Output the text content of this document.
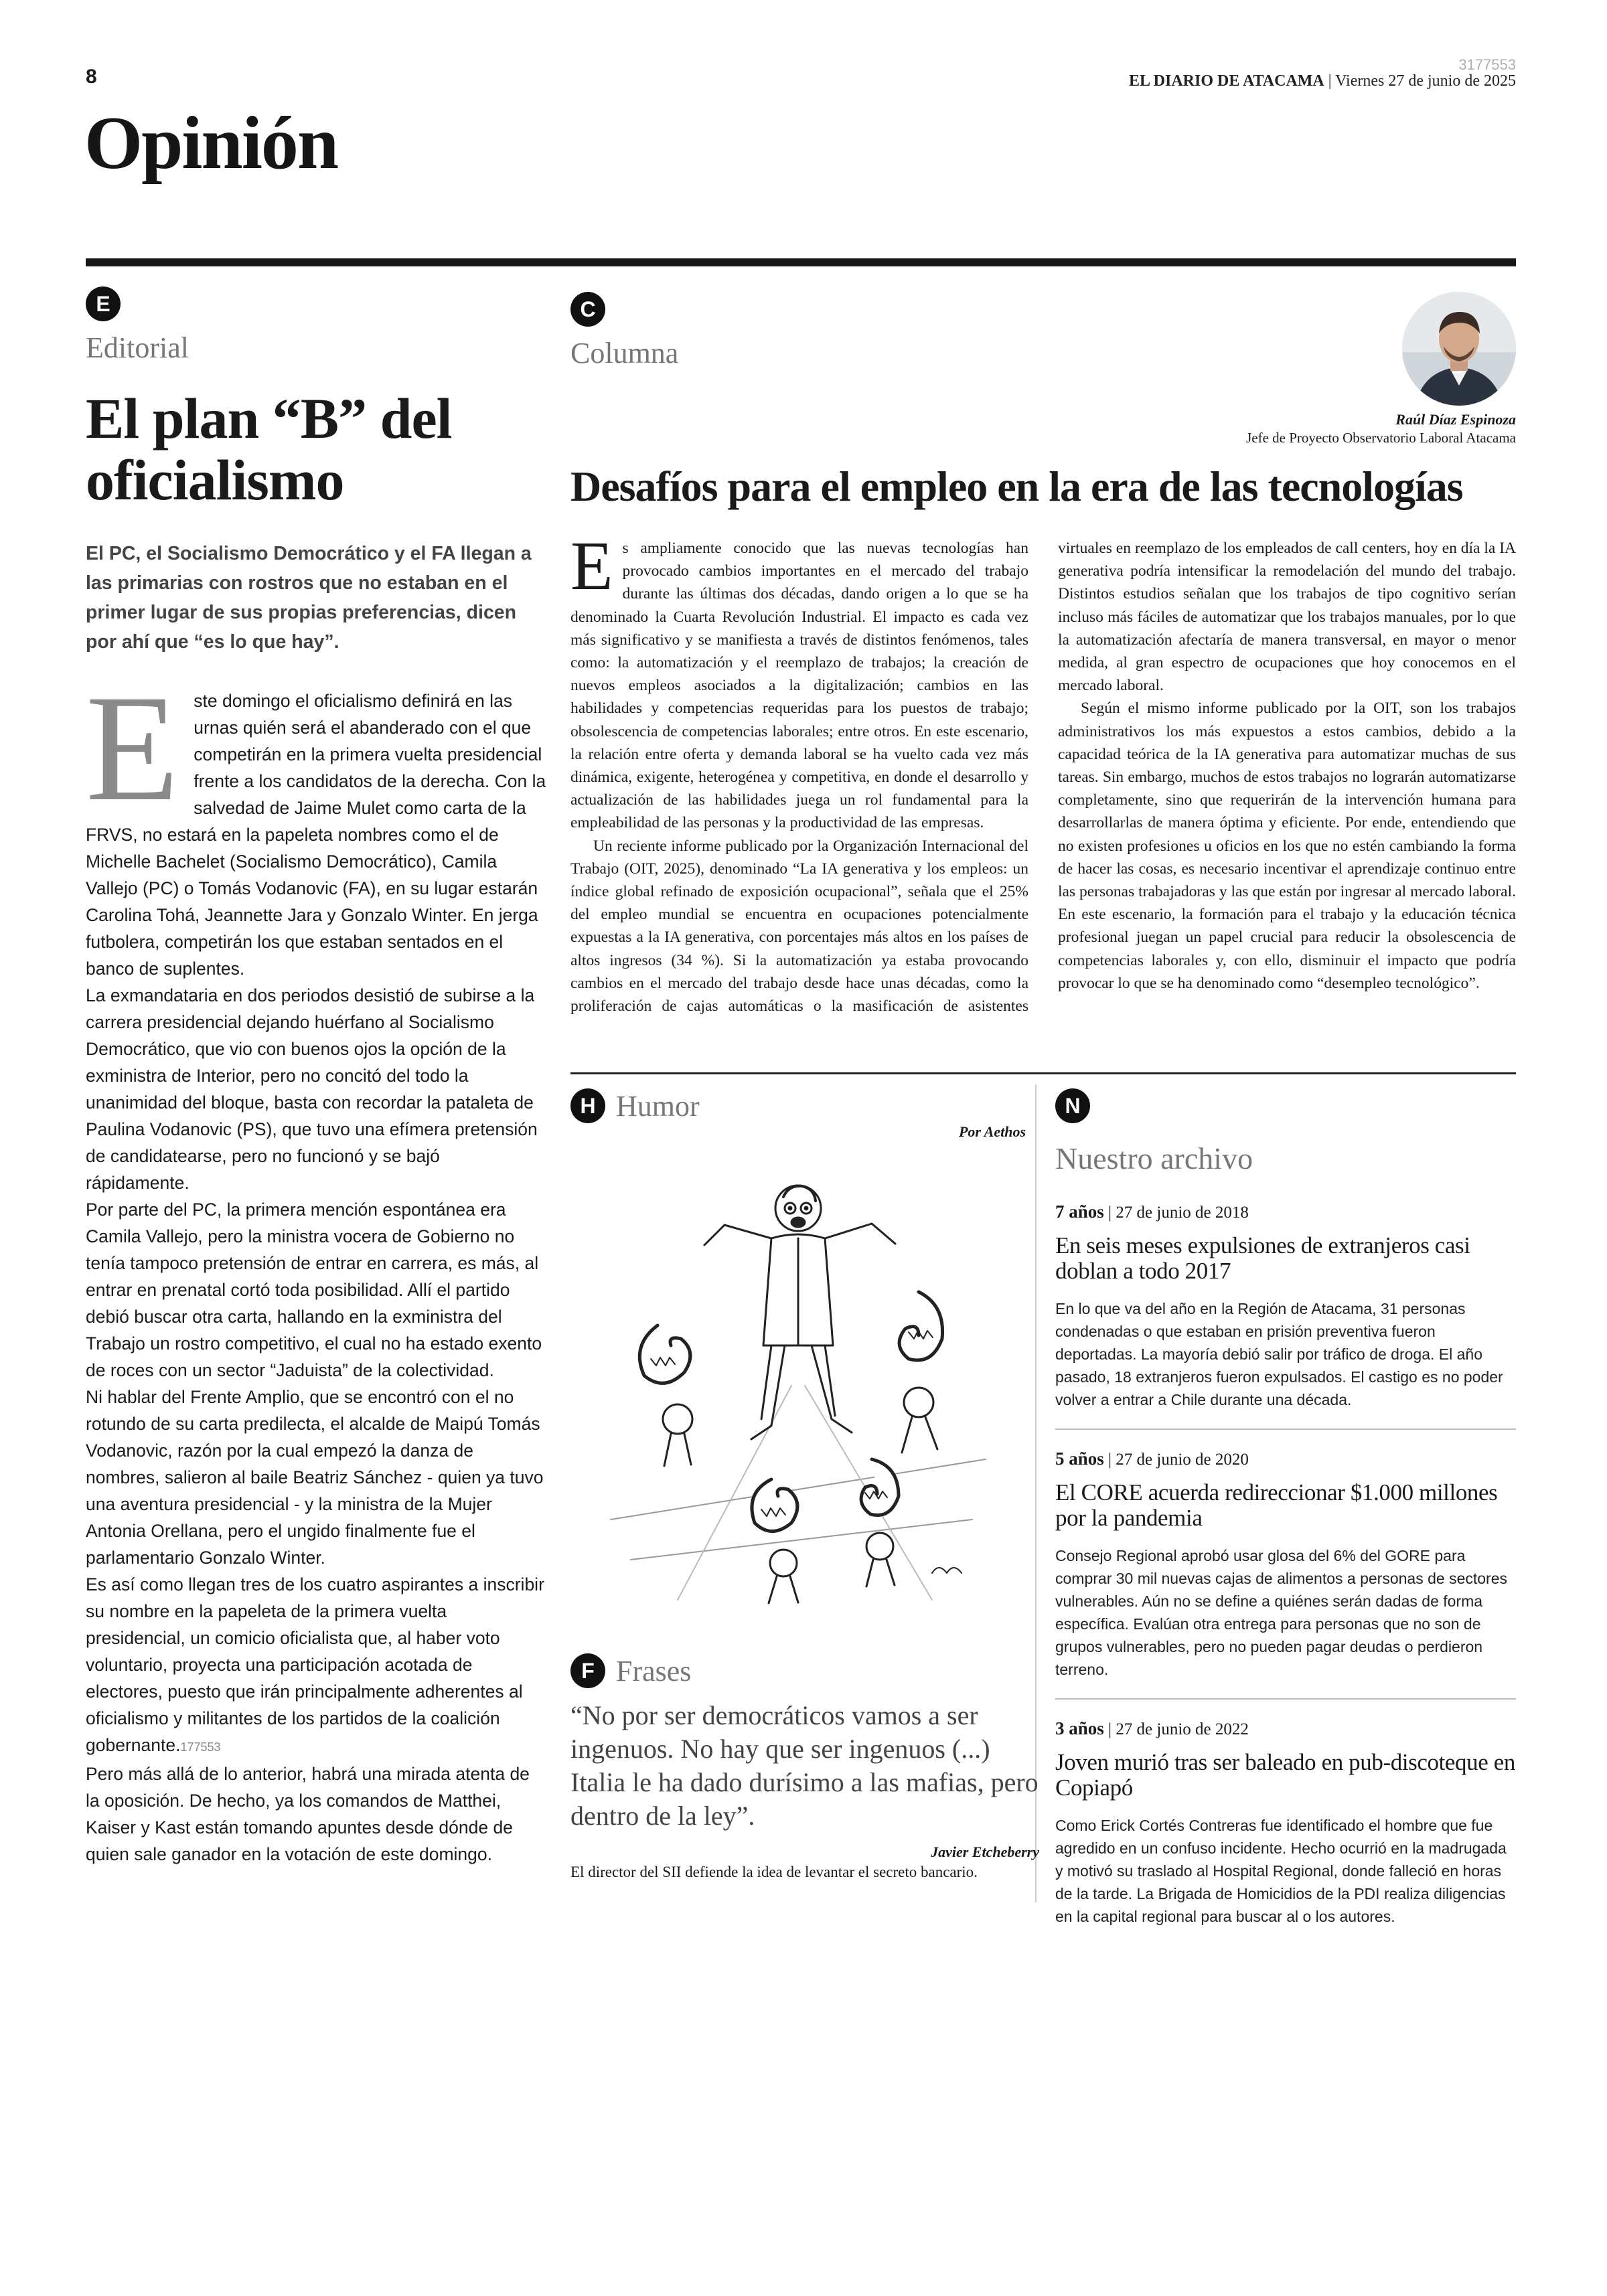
8
3177553
EL DIARIO DE ATACAMA | Viernes 27 de junio de 2025
Opinión
E
Editorial
El plan “B” del
oficialismo
El PC, el Socialismo Democrático y el FA llegan a las primarias con rostros que no estaban en el primer lugar de sus propias preferencias, dicen por ahí que “es lo que hay”.

Este domingo el oficialismo definirá en las urnas quién será el abanderado con el que competirán en la primera vuelta presidencial frente a los candidatos de la derecha. Con la salvedad de Jaime Mulet como carta de la FRVS, no estará en la papeleta nombres como el de Michelle Bachelet (Socialismo Democrático), Camila Vallejo (PC) o Tomás Vodanovic (FA), en su lugar estarán Carolina Tohá, Jeannette Jara y Gonzalo Winter. En jerga futbolera, competirán los que estaban sentados en el banco de suplentes.

La exmandataria en dos periodos desistió de subirse a la carrera presidencial dejando huérfano al Socialismo Democrático, que vio con buenos ojos la opción de la exministra de Interior, pero no concitó del todo la unanimidad del bloque, basta con recordar la pataleta de Paulina Vodanovic (PS), que tuvo una efímera pretensión de candidatearse, pero no funcionó y se bajó rápidamente.

Por parte del PC, la primera mención espontánea era Camila Vallejo, pero la ministra vocera de Gobierno no tenía tampoco pretensión de entrar en carrera, es más, al entrar en prenatal cortó toda posibilidad. Allí el partido debió buscar otra carta, hallando en la exministra del Trabajo un rostro competitivo, el cual no ha estado exento de roces con un sector “Jaduista” de la colectividad.

Ni hablar del Frente Amplio, que se encontró con el no rotundo de su carta predilecta, el alcalde de Maipú Tomás Vodanovic, razón por la cual empezó la danza de nombres, salieron al baile Beatriz Sánchez - quien ya tuvo una aventura presidencial - y la ministra de la Mujer Antonia Orellana, pero el ungido finalmente fue el parlamentario Gonzalo Winter.

Es así como llegan tres de los cuatro aspirantes a inscribir su nombre en la papeleta de la primera vuelta presidencial, un comicio oficialista que, al haber voto voluntario, proyecta una participación acotada de electores, puesto que irán principalmente adherentes al oficialismo y militantes de los partidos de la coalición gobernante.177553

Pero más allá de lo anterior, habrá una mirada atenta de la oposición. De hecho, ya los comandos de Matthei, Kaiser y Kast están tomando apuntes desde dónde de quien sale ganador en la votación de este domingo.

C
Columna
Raúl Díaz Espinoza
Jefe de Proyecto Observatorio Laboral Atacama
Desafíos para el empleo en la era de las tecnologías

Es ampliamente conocido que las nuevas tecnologías han provocado cambios importantes en el mercado del trabajo durante las últimas dos décadas, dando origen a lo que se ha denominado la Cuarta Revolución Industrial. El impacto es cada vez más significativo y se manifiesta a través de distintos fenómenos, tales como: la automatización y el reemplazo de trabajos; la creación de nuevos empleos asociados a la digitalización; cambios en las habilidades y competencias requeridas para los puestos de trabajo; obsolescencia de competencias laborales; entre otros. En este escenario, la relación entre oferta y demanda laboral se ha vuelto cada vez más dinámica, exigente, heterogénea y competitiva, en donde el desarrollo y actualización de las habilidades juega un rol fundamental para la empleabilidad de las personas y la productividad de las empresas.

Un reciente informe publicado por la Organización Internacional del Trabajo (OIT, 2025), denominado “La IA generativa y los empleos: un índice global refinado de exposición ocupacional”, señala que el 25% del empleo mundial se encuentra en ocupaciones potencialmente expuestas a la IA generativa, con porcentajes más altos en los países de altos ingresos (34 %). Si la automatización ya estaba provocando cambios en el mercado del trabajo desde hace unas décadas, como la proliferación de cajas automáticas o la masificación de asistentes virtuales en reemplazo de los empleados de call centers, hoy en día la IA generativa podría intensificar la remodelación del mundo del trabajo. Distintos estudios señalan que los trabajos de tipo cognitivo serían incluso más fáciles de automatizar que los trabajos manuales, por lo que la automatización afectaría de manera transversal, en mayor o menor medida, al gran espectro de ocupaciones que hoy conocemos en el mercado laboral.

Según el mismo informe publicado por la OIT, son los trabajos administrativos los más expuestos a estos cambios, debido a la capacidad teórica de la IA generativa para automatizar muchas de sus tareas. Sin embargo, muchos de estos trabajos no lograrán automatizarse completamente, sino que requerirán de la intervención humana para desarrollarlas de manera óptima y eficiente. Por ende, entendiendo que no existen profesiones u oficios en los que no estén cambiando la forma de hacer las cosas, es necesario incentivar el aprendizaje continuo entre las personas trabajadoras y las que están por ingresar al mercado laboral. En este escenario, la formación para el trabajo y la educación técnica profesional juegan un papel crucial para reducir la obsolescencia de competencias laborales y, con ello, disminuir el impacto que podría provocar lo que se ha denominado como “desempleo tecnológico”.

H Humor
Por Aethos
F Frases
“No por ser democráticos vamos a ser ingenuos. No hay que ser ingenuos (...) Italia le ha dado durísimo a las mafias, pero dentro de la ley”.
Javier Etcheberry
El director del SII defiende la idea de levantar el secreto bancario.
N
Nuestro archivo
7 años | 27 de junio de 2018
En seis meses expulsiones de extranjeros casi doblan a todo 2017
En lo que va del año en la Región de Atacama, 31 personas condenadas o que estaban en prisión preventiva fueron deportadas. La mayoría debió salir por tráfico de droga. El año pasado, 18 extranjeros fueron expulsados. El castigo es no poder volver a entrar a Chile durante una década.
5 años | 27 de junio de 2020
El CORE acuerda redireccionar $1.000 millones por la pandemia
Consejo Regional aprobó usar glosa del 6% del GORE para comprar 30 mil nuevas cajas de alimentos a personas de sectores vulnerables. Aún no se define a quiénes serán dadas de forma específica. Evalúan otra entrega para personas que no son de grupos vulnerables, pero no pueden pagar deudas o perdieron terreno.
3 años | 27 de junio de 2022
Joven murió tras ser baleado en pub-discoteque en Copiapó
Como Erick Cortés Contreras fue identificado el hombre que fue agredido en un confuso incidente. Hecho ocurrió en la madrugada y motivó su traslado al Hospital Regional, donde falleció en horas de la tarde. La Brigada de Homicidios de la PDI realiza diligencias en la capital regional para buscar al o los autores.
